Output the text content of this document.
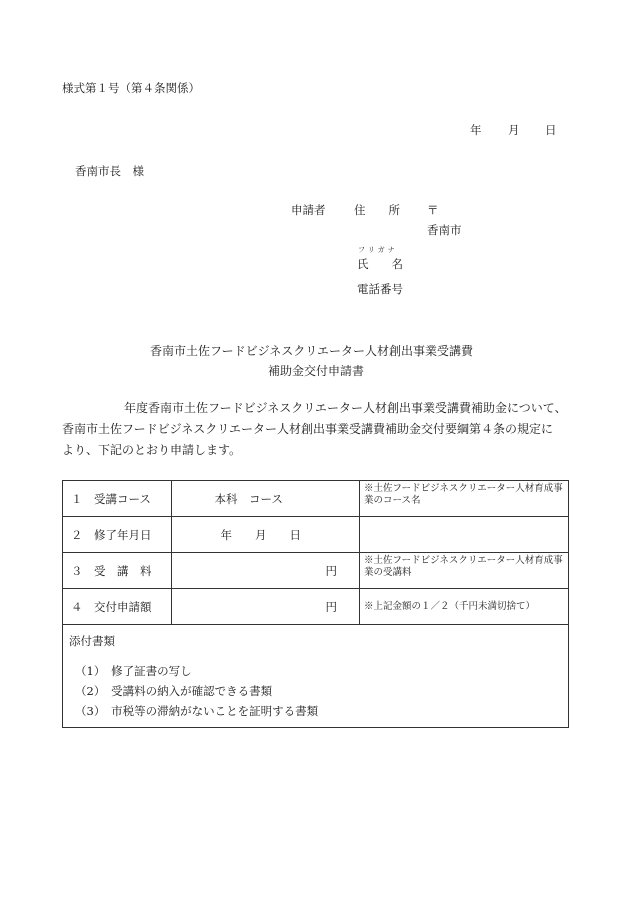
様式第１号（第４条関係）
年 月 日
香南市長　様
申請者 住　　所 〒
香南市
フリガナ
氏　　名
電話番号
香南市土佐フードビジネスクリエーター人材創出事業受講費
補助金交付申請書
年度香南市土佐フードビジネスクリエーター人材創出事業受講費補助金について、
香南市土佐フードビジネスクリエーター人材創出事業受講費補助金交付要綱第４条の規定に
より、下記のとおり申請します。
１　受講コース	本科　コース	※土佐フードビジネスクリエーター人材育成事業のコース名
２　修了年月日	年　　月　　日	
３　受　講　料	円	※土佐フードビジネスクリエーター人材育成事業の受講料
４　交付申請額	円	※上記金額の１／２（千円未満切捨て）

添付書類
（1）　修了証書の写し
（2）　受講料の納入が確認できる書類
（3）　市税等の滞納がないことを証明する書類		
